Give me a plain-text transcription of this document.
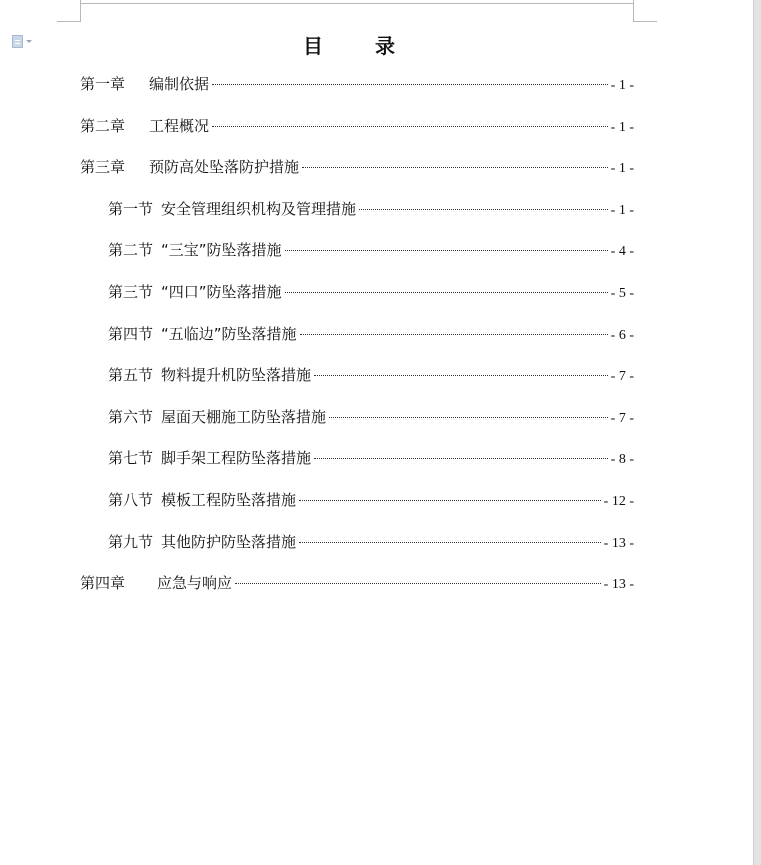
目　录
第一章 编制依据	- 1 -
第二章 工程概况	- 1 -
第三章 预防高处坠落防护措施	- 1 -
第一节 安全管理组织机构及管理措施	- 1 -
第二节 “三宝”防坠落措施	- 4 -
第三节 “四口”防坠落措施	- 5 -
第四节 “五临边”防坠落措施	- 6 -
第五节 物料提升机防坠落措施	- 7 -
第六节 屋面天棚施工防坠落措施	- 7 -
第七节 脚手架工程防坠落措施	- 8 -
第八节 模板工程防坠落措施	- 12 -
第九节 其他防护防坠落措施	- 13 -
第四章 应急与响应	- 13 -
